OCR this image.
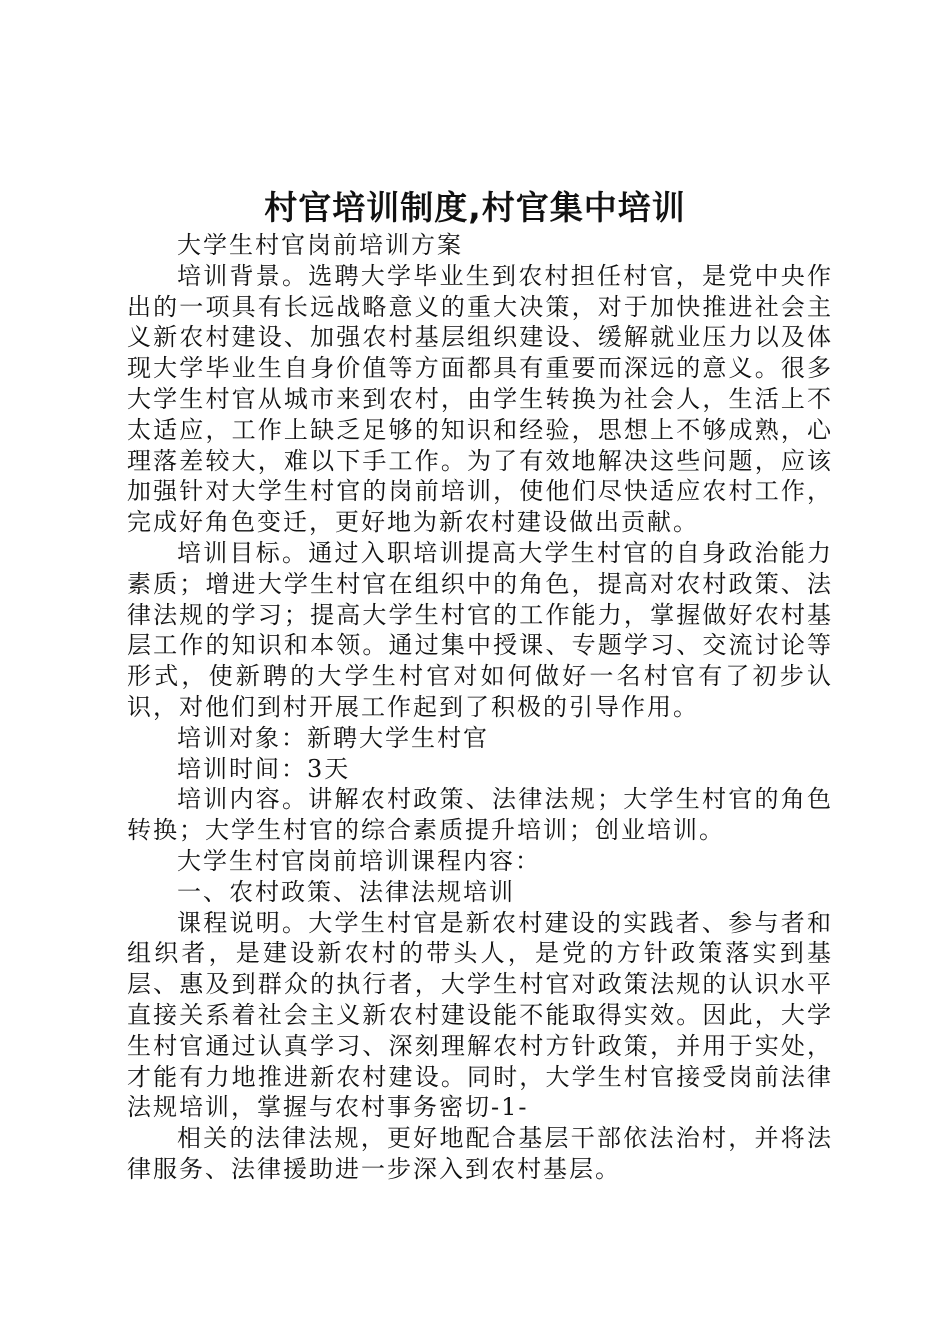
村官培训制度,村官集中培训

大学生村官岗前培训方案

培训背景。选聘大学毕业生到农村担任村官，是党中央作出的一项具有长远战略意义的重大决策，对于加快推进社会主义新农村建设、加强农村基层组织建设、缓解就业压力以及体现大学毕业生自身价值等方面都具有重要而深远的意义。很多大学生村官从城市来到农村，由学生转换为社会人，生活上不太适应，工作上缺乏足够的知识和经验，思想上不够成熟，心理落差较大，难以下手工作。为了有效地解决这些问题，应该加强针对大学生村官的岗前培训，使他们尽快适应农村工作，完成好角色变迁，更好地为新农村建设做出贡献。

培训目标。通过入职培训提高大学生村官的自身政治能力素质；增进大学生村官在组织中的角色，提高对农村政策、法律法规的学习；提高大学生村官的工作能力，掌握做好农村基层工作的知识和本领。通过集中授课、专题学习、交流讨论等形式，使新聘的大学生村官对如何做好一名村官有了初步认识，对他们到村开展工作起到了积极的引导作用。

培训对象：新聘大学生村官

培训时间：3天

培训内容。讲解农村政策、法律法规；大学生村官的角色转换；大学生村官的综合素质提升培训；创业培训。

大学生村官岗前培训课程内容：

一、农村政策、法律法规培训

课程说明。大学生村官是新农村建设的实践者、参与者和组织者，是建设新农村的带头人，是党的方针政策落实到基层、惠及到群众的执行者，大学生村官对政策法规的认识水平直接关系着社会主义新农村建设能不能取得实效。因此，大学生村官通过认真学习、深刻理解农村方针政策，并用于实处，才能有力地推进新农村建设。同时，大学生村官接受岗前法律法规培训，掌握与农村事务密切-1-

相关的法律法规，更好地配合基层干部依法治村，并将法律服务、法律援助进一步深入到农村基层。
